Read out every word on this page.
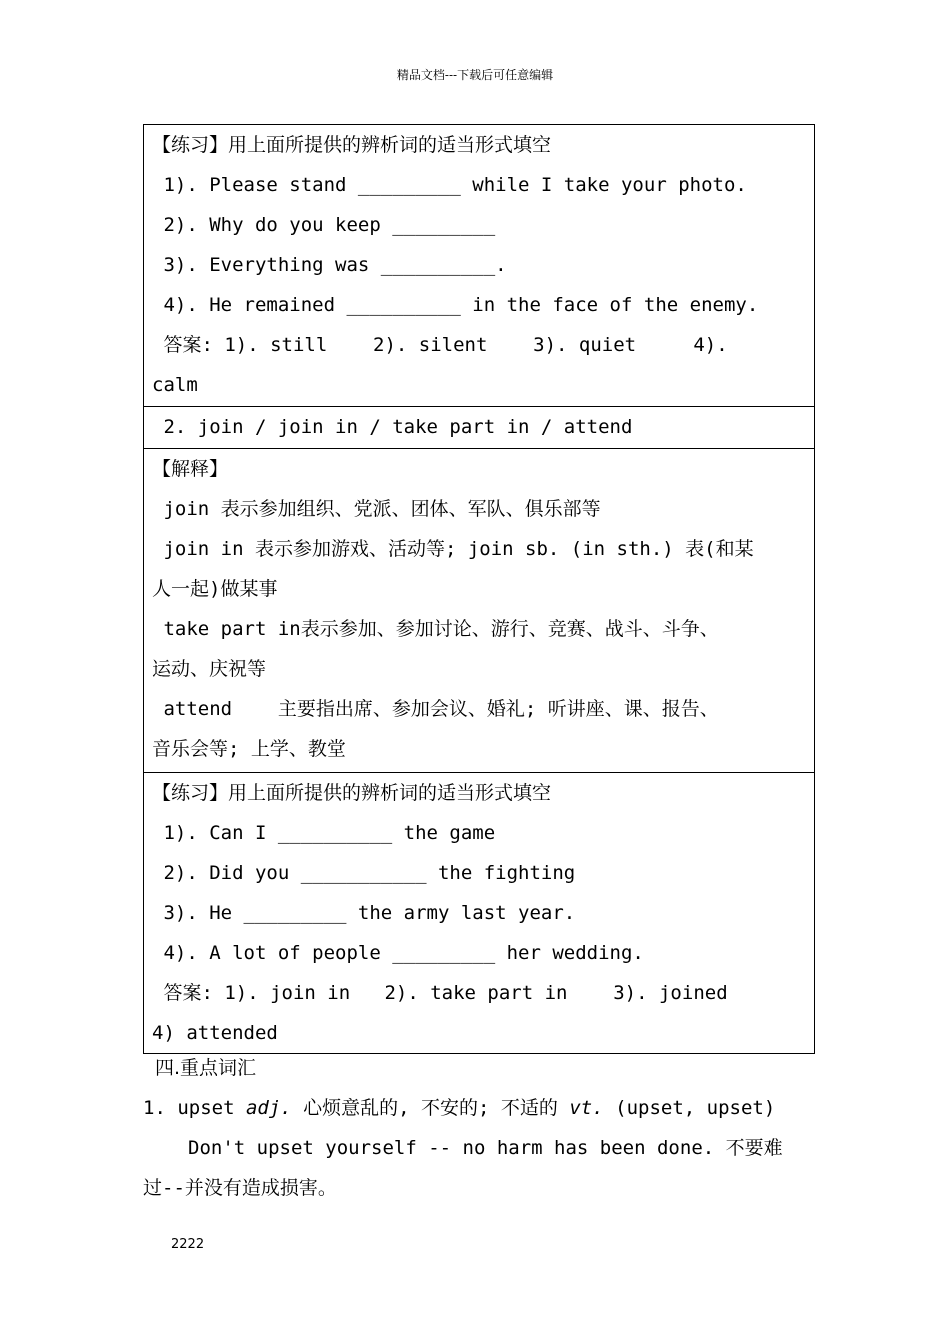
精品文档---下载后可任意编辑
【练习】用上面所提供的辨析词的适当形式填空
1). Please stand _________ while I take your photo.
2). Why do you keep _________
3). Everything was __________.
4). He remained __________ in the face of the enemy.
答案: 1). still    2). silent    3). quiet     4).
calm
2. join / join in / take part in / attend
【解释】
join 表示参加组织、党派、团体、军队、俱乐部等
join in 表示参加游戏、活动等; join sb. (in sth.) 表(和某
人一起)做某事
take part in表示参加、参加讨论、游行、竞赛、战斗、斗争、
运动、庆祝等
attend    主要指出席、参加会议、婚礼; 听讲座、课、报告、
音乐会等; 上学、教堂
【练习】用上面所提供的辨析词的适当形式填空
1). Can I __________ the game
2). Did you ___________ the fighting
3). He _________ the army last year.
4). A lot of people _________ her wedding.
答案: 1). join in   2). take part in    3). joined
4) attended
四.重点词汇
1. upset adj. 心烦意乱的, 不安的; 不适的 vt. (upset, upset)
Don't upset yourself -- no harm has been done. 不要难
过--并没有造成损害。
2222
